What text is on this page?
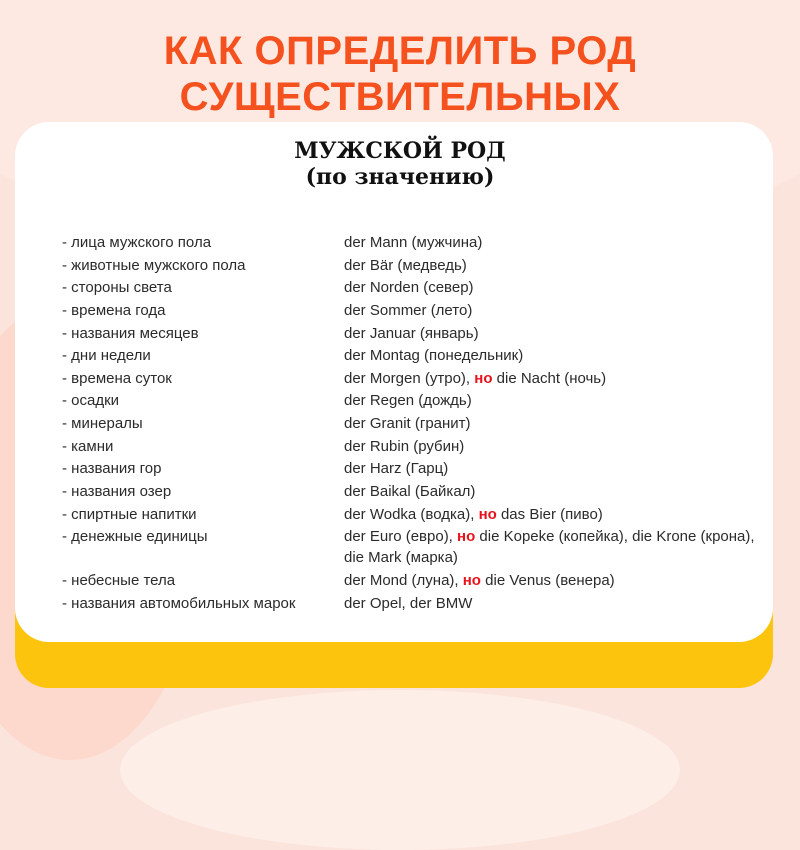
КАК ОПРЕДЕЛИТЬ РОД
СУЩЕСТВИТЕЛЬНЫХ
МУЖСКОЙ РОД
(по значению)
- лица мужского пола	der Mann (мужчина)
- животные мужского пола	der Bär (медведь)
- стороны света	der Norden (север)
- времена года	der Sommer (лето)
- названия месяцев	der Januar (январь)
- дни недели	der Montag (понедельник)
- времена суток	der Morgen (утро), но die Nacht (ночь)
- осадки	der Regen (дождь)
- минералы	der Granit (гранит)
- камни	der Rubin (рубин)
- названия гор	der Harz (Гарц)
- названия озер	der Baikal (Байкал)
- спиртные напитки	der Wodka (водка), но das Bier (пиво)
- денежные единицы	der Euro (евро), но die Kopeke (копейка), die Krone (крона), die Mark (марка)
- небесные тела	der Mond (луна), но die Venus (венера)
- названия автомобильных марок	der Opel, der BMW
